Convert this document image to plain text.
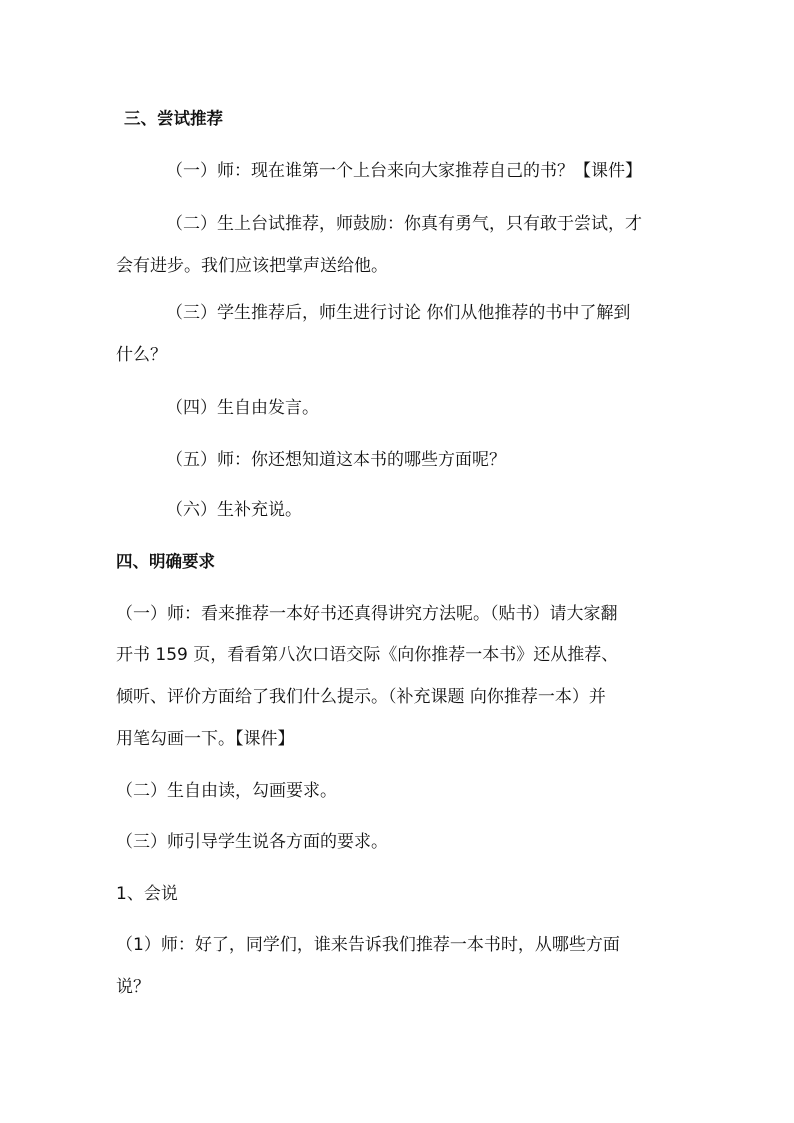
三、尝试推荐
（一）师：现在谁第一个上台来向大家推荐自己的书？【课件】
（二）生上台试推荐，师鼓励：你真有勇气，只有敢于尝试，才
会有进步。我们应该把掌声送给他。
（三）学生推荐后，师生进行讨论 你们从他推荐的书中了解到
什么？
（四）生自由发言。
（五）师：你还想知道这本书的哪些方面呢？
（六）生补充说。
四、明确要求
（一）师：看来推荐一本好书还真得讲究方法呢。（贴书）请大家翻
开书 159 页，看看第八次口语交际《向你推荐一本书》还从推荐、
倾听、评价方面给了我们什么提示。（补充课题 向你推荐一本）并
用笔勾画一下。【课件】
（二）生自由读，勾画要求。
（三）师引导学生说各方面的要求。
1、会说
（1）师：好了，同学们，谁来告诉我们推荐一本书时，从哪些方面
说？
